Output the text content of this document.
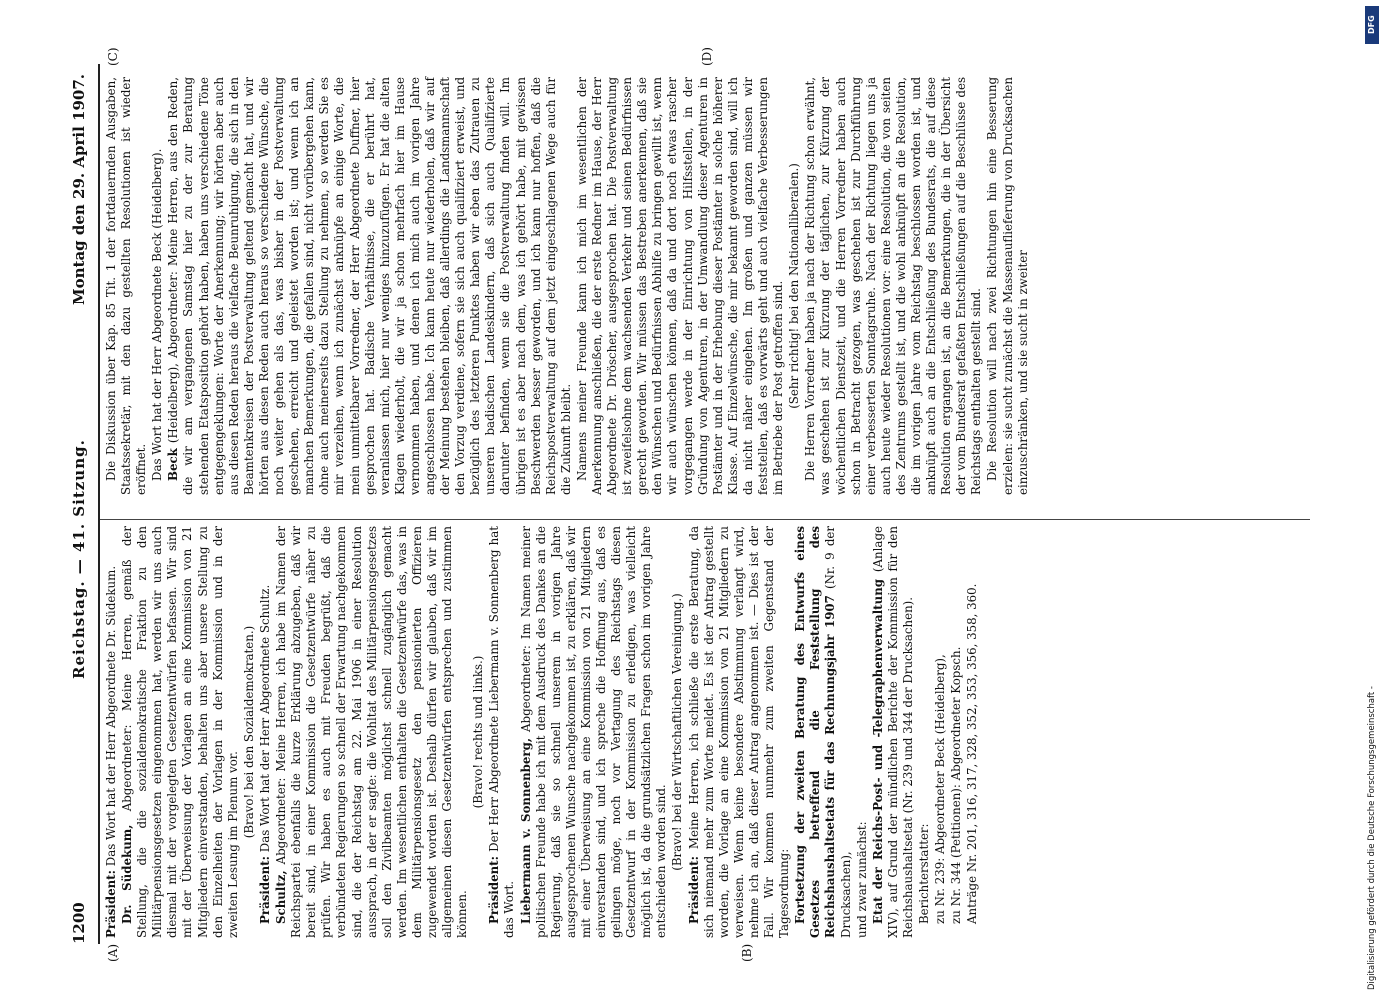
1200
Reichstag. — 41. Sitzung.
Montag den 29. April 1907.
(A)	(B)
(C)	(D)

Präsident: Das Wort hat der Herr Abgeordnete Dr. Südekum.

Dr. Südekum, Abgeordneter: Meine Herren, gemäß der Stellung, die die sozialdemokratische Fraktion zu den Militärpensionsgesetzen eingenommen hat, werden wir uns auch diesmal mit der vorgelegten Gesetzentwürfen befassen. Wir sind mit der Überweisung der Vorlagen an eine Kommission von 21 Mitgliedern einverstanden, behalten uns aber unsere Stellung zu den Einzelheiten der Vorlagen in der Kommission und in der zweiten Lesung im Plenum vor.

(Bravo! bei den Sozialdemokraten.)

Präsident: Das Wort hat der Herr Abgeordnete Schultz.

Schultz, Abgeordneter: Meine Herren, ich habe im Namen der Reichspartei ebenfalls die kurze Erklärung abzugeben, daß wir bereit sind, in einer Kommission die Gesetzentwürfe näher zu prüfen. Wir haben es auch mit Freuden begrüßt, daß die verbündeten Regierungen so schnell der Erwartung nachgekommen sind, die der Reichstag am 22. Mai 1906 in einer Resolution aussprach, in der er sagte: die Wohltat des Militärpensionsgesetzes soll den Zivilbeamten möglichst schnell zugänglich gemacht werden. Im wesentlichen enthalten die Gesetzentwürfe das, was in dem Militärpensionsgesetz den pensionierten Offizieren zugewendet worden ist. Deshalb dürfen wir glauben, daß wir im allgemeinen diesen Gesetzentwürfen entsprechen und zustimmen können.

(Bravo! rechts und links.)

Präsident: Der Herr Abgeordnete Liebermann v. Sonnenberg hat das Wort. Liebermann v. Sonnenberg, Abgeordneter: Im Namen meiner politischen Freunde habe ich mit dem Ausdruck des Dankes an die Regierung, daß sie so schnell unserem in vorigen Jahre ausgesprochenen Wunsche nachgekommen ist, zu erklären, daß wir mit einer Überweisung an eine Kommission von 21 Mitgliedern einverstanden sind, und ich spreche die Hoffnung aus, daß es gelingen möge, noch vor Vertagung des Reichstags diesen Gesetzentwurf in der Kommission zu erledigen, was vielleicht möglich ist, da die grundsätzlichen Fragen schon im vorigen Jahre entschieden worden sind. (Bravo! bei der Wirtschaftlichen Vereinigung.)

Präsident: Meine Herren, ich schließe die erste Beratung, da sich niemand mehr zum Worte meldet. Es ist der Antrag gestellt worden, die Vorlage an eine Kommission von 21 Mitgliedern zu verweisen. Wenn keine besondere Abstimmung verlangt wird, nehme ich an, daß dieser Antrag angenommen ist. — Dies ist der Fall. Wir kommen nunmehr zum zweiten Gegenstand der Tagesordnung: Fortsetzung der zweiten Beratung des Entwurfs eines Gesetzes betreffend die Feststellung des Reichshaushaltsetats für das Rechnungsjahr 1907 (Nr. 9 der Drucksachen), und zwar zunächst: Etat der Reichs-Post- und -Telegraphenverwaltung (Anlage XIV), auf Grund der mündlichen Berichte der Kommission für den Reichshaushaltsetat (Nr. 239 und 344 der Drucksachen). Berichterstatter: zu Nr. 239: Abgeordneter Beck (Heidelberg), zu Nr. 344 (Petitionen): Abgeordneter Kopsch. Anträge Nr. 201, 316, 317, 328, 352, 353, 356, 358, 360.

Die Diskussion über Kap. 85 Tit. 1 der fortdauernden Ausgaben, Staatssekretär, mit den dazu gestellten Resolutionen ist wieder eröffnet. Das Wort hat der Herr Abgeordnete Beck (Heidelberg). Beck (Heidelberg), Abgeordneter: Meine Herren, aus den Reden, die wir am vergangenen Samstag hier zu der zur Beratung stehenden Etatsposition gehört haben, haben uns verschiedene Töne entgegengeklungen: Worte der Anerkennung; wir hörten aber auch aus diesen Reden heraus die vielfache Beunruhigung, die sich in den Beamtenkreisen der Postverwaltung geltend gemacht hat, und wir hörten aus diesen Reden auch heraus so verschiedene Wünsche, die noch weiter gehen als das, was bisher in der Postverwaltung geschehen, erreicht und geleistet worden ist; und wenn ich an manchen Bemerkungen, die gefallen sind, nicht vorübergehen kann, ohne auch meinerseits dazu Stellung zu nehmen, so werden Sie es mir verzeihen, wenn ich zunächst anknüpfe an einige Worte, die mein unmittelbarer Vorredner, der Herr Abgeordnete Duffner, hier gesprochen hat. Badische Verhältnisse, die er berührt hat, veranlassen mich, hier nur weniges hinzuzufügen. Er hat die alten Klagen wiederholt, die wir ja schon mehrfach hier im Hause vernommen haben, und denen ich mich auch im vorigen Jahre angeschlossen habe. Ich kann heute nur wiederholen, daß wir auf der Meinung bestehen bleiben, daß allerdings die Landsmannschaft den Vorzug verdiene, sofern sie sich auch qualifiziert erweist, und bezüglich des letzteren Punktes haben wir eben das Zutrauen zu unseren badischen Landeskindern, daß sich auch Qualifizierte darunter befinden, wenn sie die Postverwaltung finden will. Im übrigen ist es aber nach dem, was ich gehört habe, mit gewissen Beschwerden besser geworden, und ich kann nur hoffen, daß die Reichspostverwaltung auf dem jetzt eingeschlagenen Wege auch für die Zukunft bleibt. Namens meiner Freunde kann ich mich im wesentlichen der Anerkennung anschließen, die der erste Redner im Hause, der Herr Abgeordnete Dr. Dröscher, ausgesprochen hat. Die Postverwaltung ist zweifelsohne dem wachsenden Verkehr und seinen Bedürfnissen gerecht geworden. Wir müssen das Bestreben anerkennen, daß sie den Wünschen und Bedürfnissen Abhilfe zu bringen gewillt ist, wenn wir auch wünschen können, daß da und dort noch etwas rascher vorgegangen werde in der Einrichtung von Hilfsstellen, in der Gründung von Agenturen, in der Umwandlung dieser Agenturen in Postämter und in der Erhebung dieser Postämter in solche höherer Klasse. Auf Einzelwünsche, die mir bekannt geworden sind, will ich da nicht näher eingehen. Im großen und ganzen müssen wir feststellen, daß es vorwärts geht und auch vielfache Verbesserungen im Betriebe der Post getroffen sind. (Sehr richtig! bei den Nationalliberalen.) Die Herren Vorredner haben ja nach der Richtung schon erwähnt, was geschehen ist zur Kürzung der täglichen, zur Kürzung der wöchentlichen Dienstzeit, und die Herren Vorredner haben auch schon in Betracht gezogen, was geschehen ist zur Durchführung einer verbesserten Sonntagsruhe. Nach der Richtung liegen uns ja auch heute wieder Resolutionen vor: eine Resolution, die von seiten des Zentrums gestellt ist, und die wohl anknüpft an die Resolution, die im vorigen Jahre vom Reichstag beschlossen worden ist, und anknüpft auch an die Entschließung des Bundesrats, die auf diese Resolution ergangen ist, an die Bemerkungen, die in der Übersicht der vom Bundesrat gefaßten Entschließungen auf die Beschlüsse des Reichstags enthalten gestellt sind. Die Resolution will nach zwei Richtungen hin eine Besserung erzielen: sie sucht zunächst die Massenauflieferung von Drucksachen einzuschränken, und sie sucht in zweiter

DFG
Digitalisierung gefördert durch die Deutsche Forschungsgemeinschaft -
